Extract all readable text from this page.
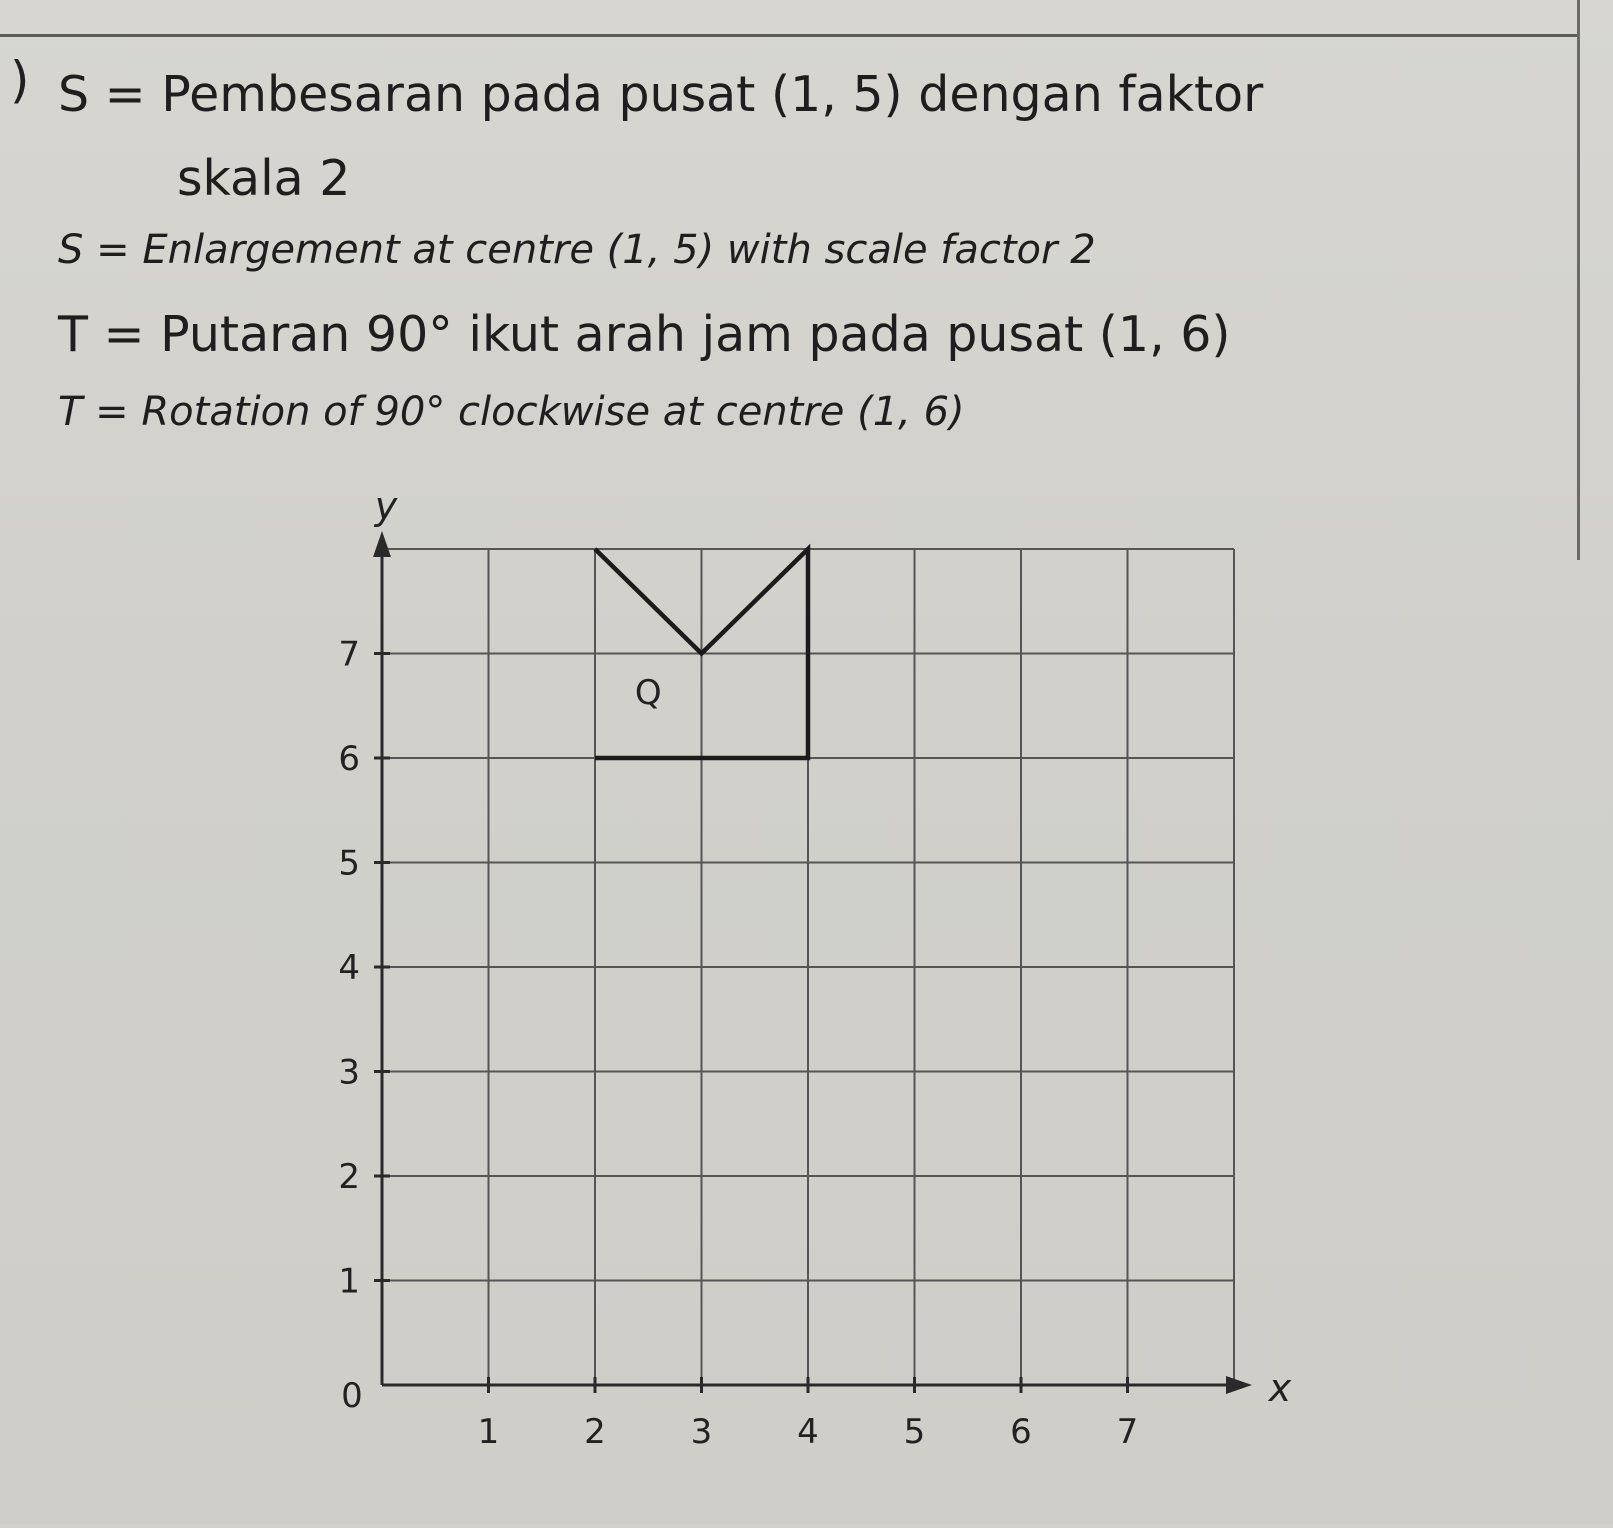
) S = Pembesaran pada pusat (1, 5) dengan faktor
skala 2
S = Enlargement at centre (1, 5) with scale factor 2
T = Putaran 90° ikut arah jam pada pusat (1, 6)
T = Rotation of 90° clockwise at centre (1, 6)
1 2 3 4 5 6 7
1
2
3
4
5
6
7
0	x
y
Q
